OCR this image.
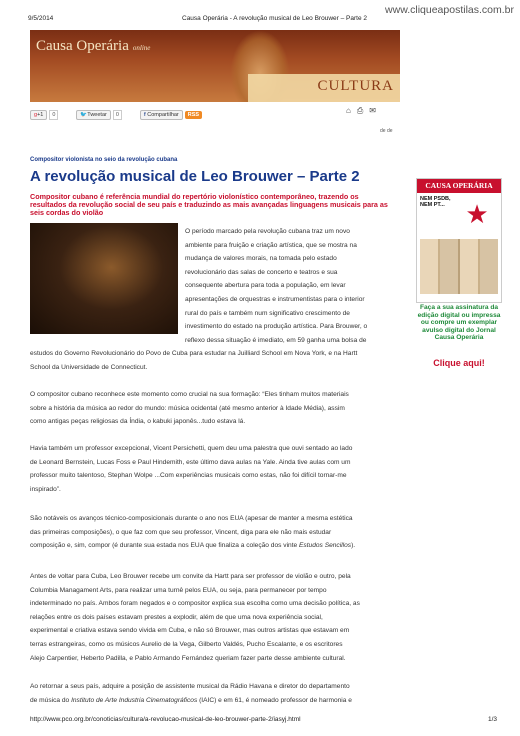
9/5/2014	Causa Operária - A revolução musical de Leo Brouwer – Parte 2
www.cliqueapostilas.com.br
Causa Operária online
CULTURA
g+1	0	🐦Tweetar	0	f Compartilhar	RSS	⌂ ⎙ ✉
de de
Compositor violonista no seio da revolução cubana
A revolução musical de Leo Brouwer – Parte 2
Compositor cubano é referência mundial do repertório violonístico contemporâneo, trazendo os resultados da revolução social de seu país e traduzindo as mais avançadas linguagens musicais para as seis cordas do violão
O período marcado pela revolução cubana traz um novo
ambiente para fruição e criação artística, que se mostra na
mudança de valores morais, na tomada pelo estado
revolucionário das salas de concerto e teatros e sua
consequente abertura para toda a população, em levar
apresentações de orquestras e instrumentistas para o interior
rural do país e também num significativo crescimento de
investimento do estado na produção artística. Para Brouwer, o
reflexo dessa situação é imediato, em 59 ganha uma bolsa de
estudos do Governo Revolucionário do Povo de Cuba para estudar na Juilliard School em Nova York, e na Hartt
School da Universidade de Connecticut.
O compositor cubano reconhece este momento como crucial na sua formação: “Eles tinham muitos materiais
sobre a história da música ao redor do mundo: música ocidental (até mesmo anterior à Idade Média), assim
como antigas peças religiosas da Índia, o kabuki japonês...tudo estava lá.
Havia também um professor excepcional, Vicent Persichetti, quem deu uma palestra que ouvi sentado ao lado
de Leonard Bernstein, Lucas Foss e Paul Hindemith, este último dava aulas na Yale. Ainda tive aulas com um
professor muito talentoso, Stephan Wolpe ...Com experiências musicais como estas, não foi difícil tornar-me
inspirado”.
São notáveis os avanços técnico-composicionais durante o ano nos EUA (apesar de manter a mesma estética
das primeiras composições), o que faz com que seu professor, Vincent, diga para ele não mais estudar
composição e, sim, compor (é durante sua estada nos EUA que finaliza a coleção dos vinte Estudos Sencillos).
Antes de voltar para Cuba, Leo Brouwer recebe um convite da Hartt para ser professor de violão e outro, pela
Columbia Managament Arts, para realizar uma turnê pelos EUA, ou seja, para permanecer por tempo
indeterminado no país. Ambos foram negados e o compositor explica sua escolha como uma decisão política, as
relações entre os dois países estavam prestes a explodir, além de que uma nova experiência social,
experimental e criativa estava sendo vivida em Cuba, e não só Brouwer, mas outros artistas que estavam em
terras estrangeiras, como os músicos Aurelio de la Vega, Gilberto Valdés, Pucho Escalante, e os escritores
Alejo Carpentier, Heberto Padilla, e Pablo Armando Fernández queriam fazer parte desse ambiente cultural.
Ao retornar a seus país, adquire a posição de assistente musical da Rádio Havana e diretor do departamento
de música do Instituto de Arte Industria Cinematográficos (IAIC) e em 61, é nomeado professor de harmonia e
CAUSA OPERÁRIA
NEM PSDB, NEM PT... ★
Faça a sua assinatura da edição digital ou impressa ou compre um exemplar avulso digital do Jornal Causa Operária
Clique aqui!
http://www.pco.org.br/conoticias/cultura/a-revolucao-musical-de-leo-brouwer-parte-2/iasyj.html	1/3
